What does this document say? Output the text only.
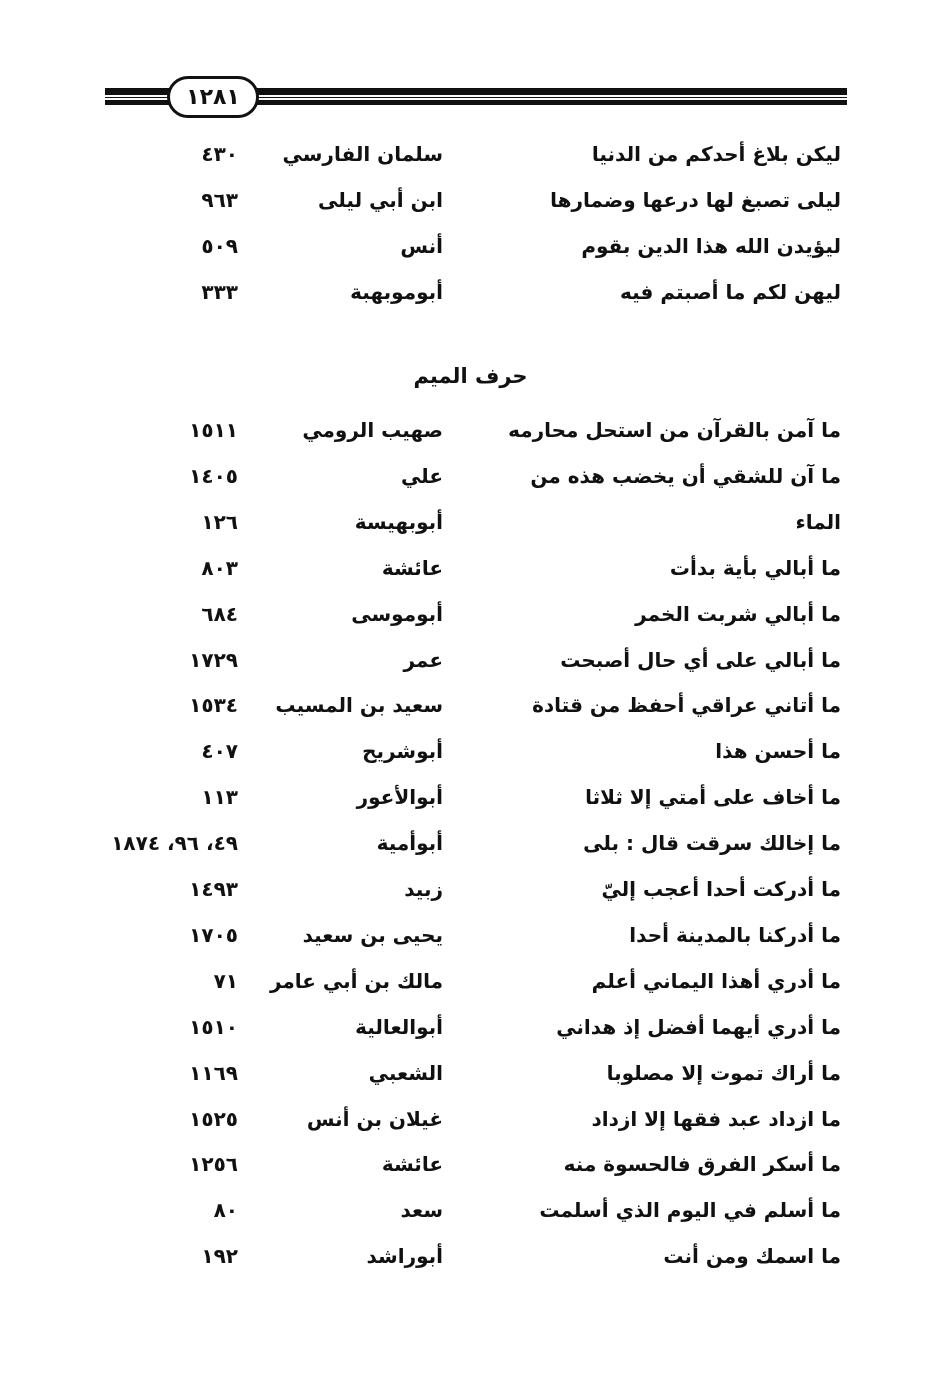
١٢٨١
ليكن بلاغ أحدكم من الدنيا
سلمان الفارسي
٤٣٠
ليلى تصبغ لها درعها وضمارها
ابن أبي ليلى
٩٦٣
ليؤيدن الله هذا الدين بقوم
أنس
٥٠٩
ليهن لكم ما أصبتم فيه
أبوموبهبة
٣٣٣
حرف الميم
ما آمن بالقرآن من استحل محارمه
صهيب الرومي
١٥١١
ما آن للشقي أن يخضب هذه من
علي
١٤٠٥
الماء
أبوبهيسة
١٢٦
ما أبالي بأية بدأت
عائشة
٨٠٣
ما أبالي شربت الخمر
أبوموسى
٦٨٤
ما أبالي على أي حال أصبحت
عمر
١٧٢٩
ما أتاني عراقي أحفظ من قتادة
سعيد بن المسيب
١٥٣٤
ما أحسن هذا
أبوشريح
٤٠٧
ما أخاف على أمتي إلا ثلاثا
أبوالأعور
١١٣
ما إخالك سرقت قال : بلى
أبوأمية
٤٩، ٩٦، ١٨٧٤
ما أدركت أحدا أعجب إليّ
زبيد
١٤٩٣
ما أدركنا بالمدينة أحدا
يحيى بن سعيد
١٧٠٥
ما أدري أهذا اليماني أعلم
مالك بن أبي عامر
٧١
ما أدري أيهما أفضل إذ هداني
أبوالعالية
١٥١٠
ما أراك تموت إلا مصلوبا
الشعبي
١١٦٩
ما ازداد عبد فقها إلا ازداد
غيلان بن أنس
١٥٢٥
ما أسكر الفرق فالحسوة منه
عائشة
١٢٥٦
ما أسلم في اليوم الذي أسلمت
سعد
٨٠
ما اسمك ومن أنت
أبوراشد
١٩٢
